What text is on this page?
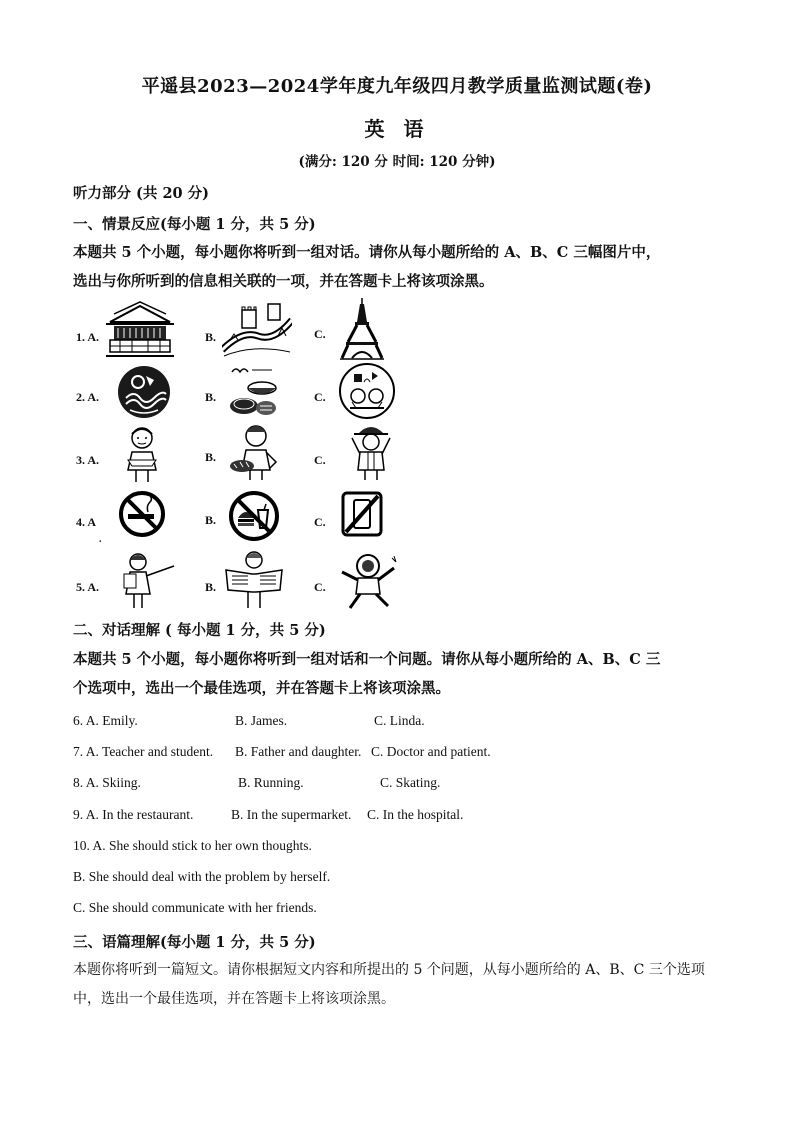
平遥县2023—2024学年度九年级四月教学质量监测试题(卷)
英 语
(满分: 120 分 时间: 120 分钟)
听力部分 (共 20 分)
一、情景反应(每小题 1 分，共 5 分)
本题共 5 个小题，每小题你将听到一组对话。请你从每小题所给的 A、B、C 三幅图片中，
选出与你所听到的信息相关联的一项，并在答题卡上将该项涂黑。
1. A.	B.	C.
2. A.	B.	C.
3. A.	B.	C.
4. A	B.	C.
.
5. A.	B.	C.
二、对话理解 ( 每小题 1 分，共 5 分)
本题共 5 个小题，每小题你将听到一组对话和一个问题。请你从每小题所给的 A、B、C 三
个选项中，选出一个最佳选项，并在答题卡上将该项涂黑。
6. A. Emily.	B. James.	C. Linda.
7. A. Teacher and student. B. Father and daughter. C. Doctor and patient.
8. A. Skiing.	B. Running.	C. Skating.
9. A. In the restaurant.	B. In the supermarket. C. In the hospital.
10. A. She should stick to her own thoughts.
B. She should deal with the problem by herself.
C. She should communicate with her friends.
三、语篇理解(每小题 1 分，共 5 分)
本题你将听到一篇短文。请你根据短文内容和所提出的 5 个问题，从每小题所给的 A、B、C 三个选项
中，选出一个最佳选项，并在答题卡上将该项涂黑。
